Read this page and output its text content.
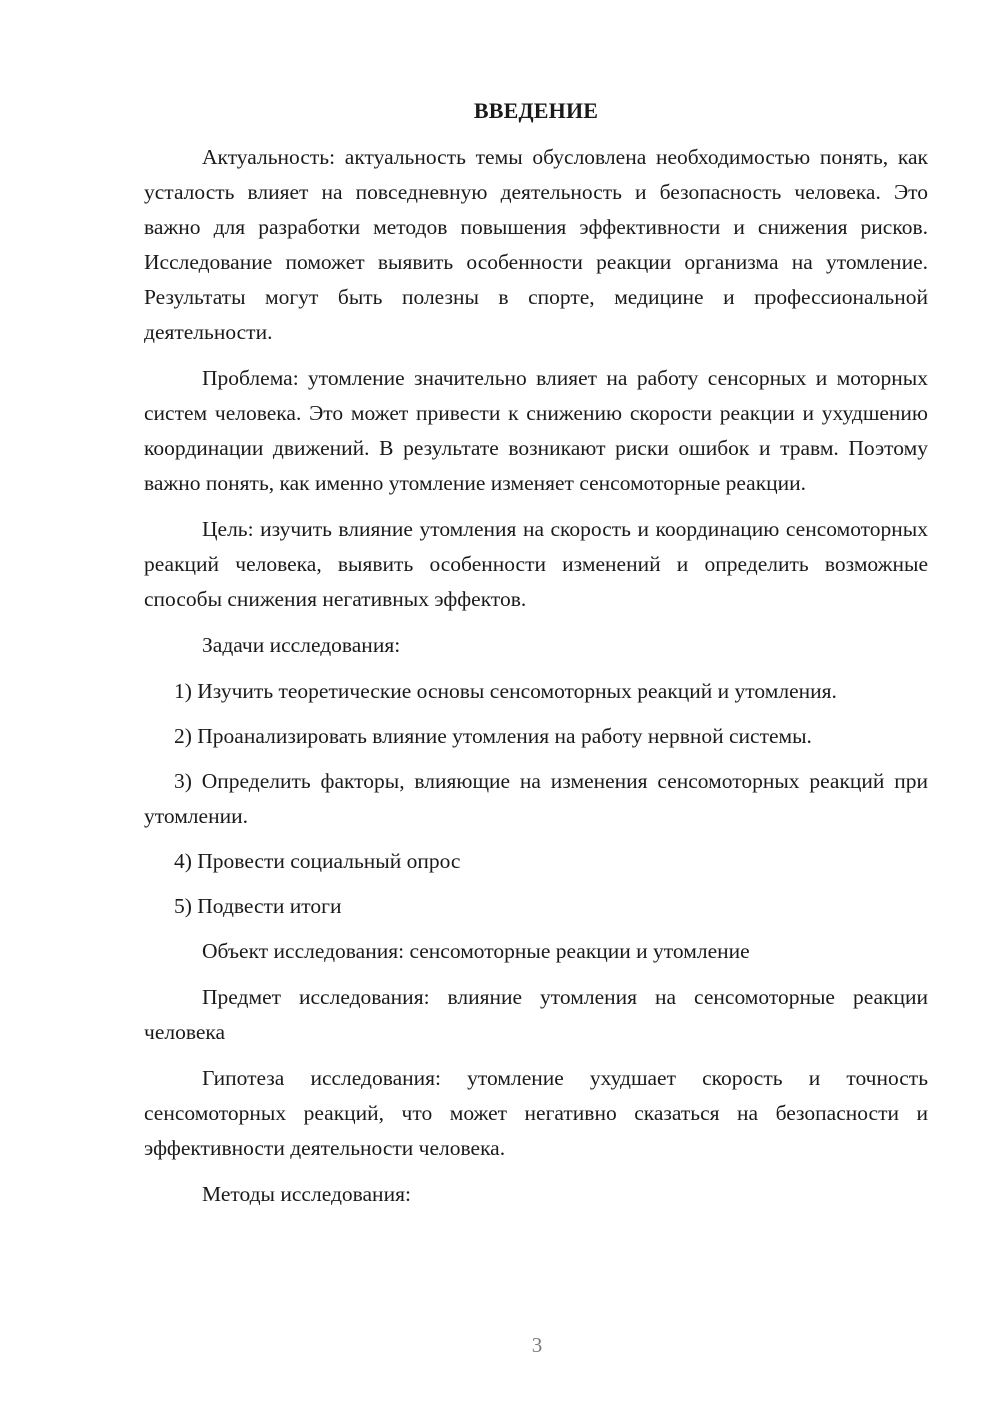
ВВЕДЕНИЕ

Актуальность: актуальность темы обусловлена необходимостью понять, как усталость влияет на повседневную деятельность и безопасность человека. Это важно для разработки методов повышения эффективности и снижения рисков. Исследование поможет выявить особенности реакции организма на утомление. Результаты могут быть полезны в спорте, медицине и профессиональной деятельности.

Проблема: утомление значительно влияет на работу сенсорных и моторных систем человека. Это может привести к снижению скорости реакции и ухудшению координации движений. В результате возникают риски ошибок и травм. Поэтому важно понять, как именно утомление изменяет сенсомоторные реакции.

Цель: изучить влияние утомления на скорость и координацию сенсомоторных реакций человека, выявить особенности изменений и определить возможные способы снижения негативных эффектов.

Задачи исследования:

1) Изучить теоретические основы сенсомоторных реакций и утомления.

2) Проанализировать влияние утомления на работу нервной системы.

3) Определить факторы, влияющие на изменения сенсомоторных реакций при утомлении.

4) Провести социальный опрос

5) Подвести итоги

Объект исследования: сенсомоторные реакции и утомление

Предмет исследования: влияние утомления на сенсомоторные реакции человека

Гипотеза исследования: утомление ухудшает скорость и точность сенсомоторных реакций, что может негативно сказаться на безопасности и эффективности деятельности человека.

Методы исследования:

3
